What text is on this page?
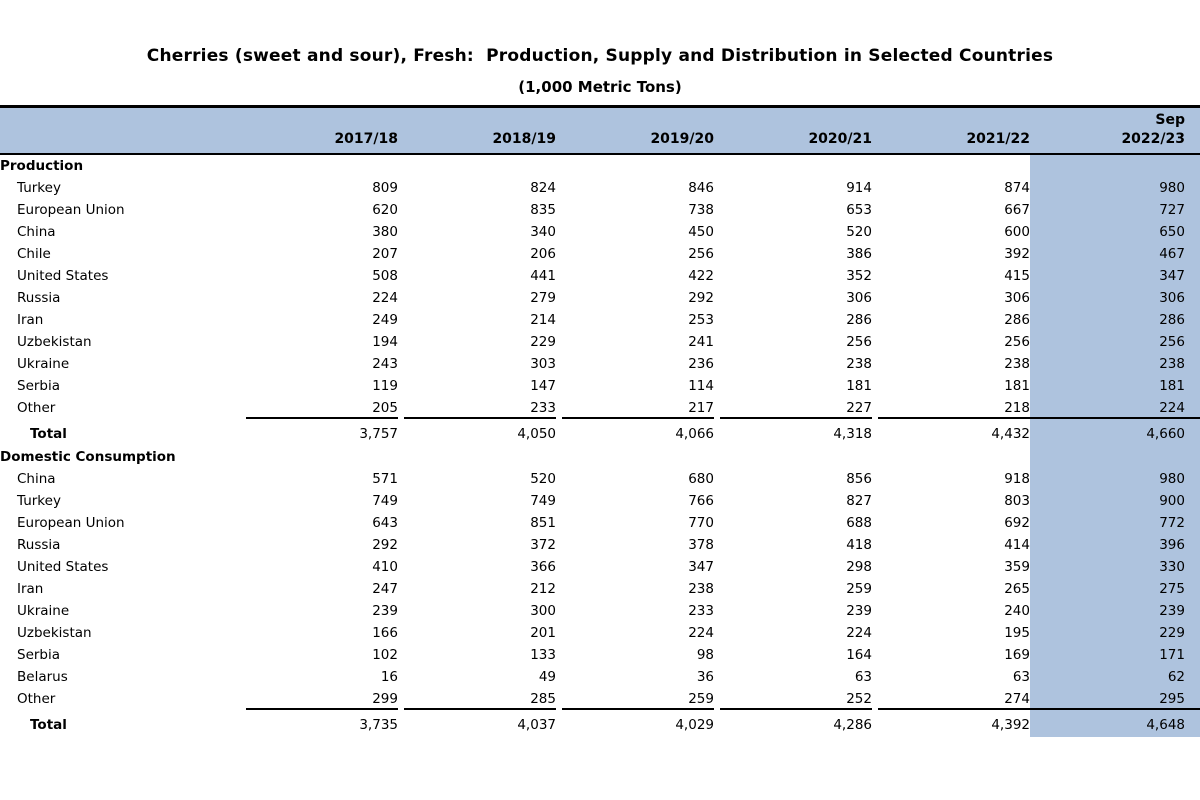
Cherries (sweet and sour), Fresh:  Production, Supply and Distribution in Selected Countries
(1,000 Metric Tons)
	2017/18	2018/19	2019/20	2020/21	2021/22	Sep
2022/23

Production						
Turkey	809	824	846	914	874	980
European Union	620	835	738	653	667	727
China	380	340	450	520	600	650
Chile	207	206	256	386	392	467
United States	508	441	422	352	415	347
Russia	224	279	292	306	306	306
Iran	249	214	253	286	286	286
Uzbekistan	194	229	241	256	256	256
Ukraine	243	303	236	238	238	238
Serbia	119	147	114	181	181	181
Other	205	233	217	227	218	224
Total	3,757	4,050	4,066	4,318	4,432	4,660
Domestic Consumption						
China	571	520	680	856	918	980
Turkey	749	749	766	827	803	900
European Union	643	851	770	688	692	772
Russia	292	372	378	418	414	396
United States	410	366	347	298	359	330
Iran	247	212	238	259	265	275
Ukraine	239	300	233	239	240	239
Uzbekistan	166	201	224	224	195	229
Serbia	102	133	98	164	169	171
Belarus	16	49	36	63	63	62
Other	299	285	259	252	274	295
Total	3,735	4,037	4,029	4,286	4,392	4,648
